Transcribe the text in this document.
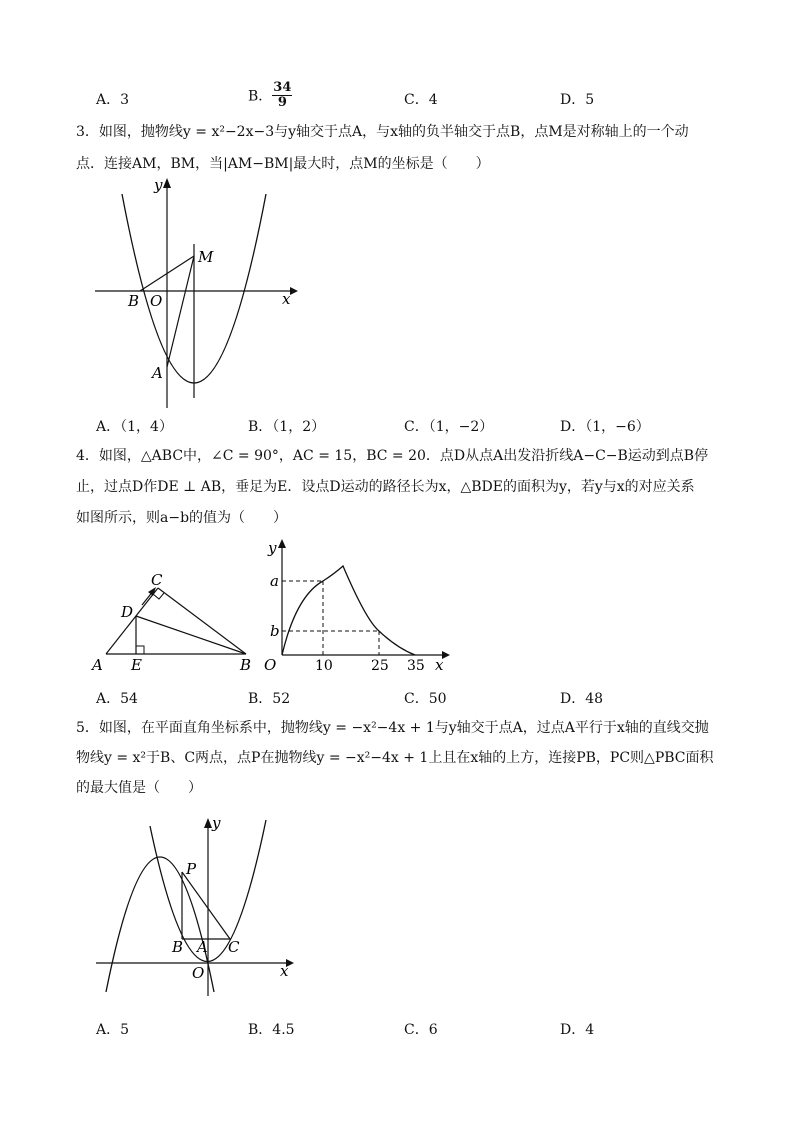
A．3	B． $\frac{34}{9}$	C．4	D．5
3．如图，抛物线y = x²−2x−3与y轴交于点A，与x轴的负半轴交于点B，点M是对称轴上的一个动
点．连接AM，BM，当|AM−BM|最大时，点M的坐标是（　　）
y
x
M
B O
A
A．（1，4）	B．（1，2）	C．（1，−2）	D．（1，−6）
4．如图，△ABC中，∠C = 90°，AC = 15，BC = 20．点D从点A出发沿折线A−C−B运动到点B停
止，过点D作DE ⊥ AB，垂足为E．设点D运动的路径长为x，△BDE的面积为y，若y与x的对应关系
如图所示，则a−b的值为（　　）
C
D
A E	B
y
a
b
O	10	25 35 x
A．54	B．52	C．50	D．48
5．如图，在平面直角坐标系中，抛物线y = −x²−4x + 1与y轴交于点A，过点A平行于x轴的直线交抛
物线y = x²于B、C两点，点P在抛物线y = −x²−4x + 1上且在x轴的上方，连接PB，PC则△PBC面积
的最大值是（　　）
y
P
B A C
O	x
A．5	B．4.5	C．6	D．4
